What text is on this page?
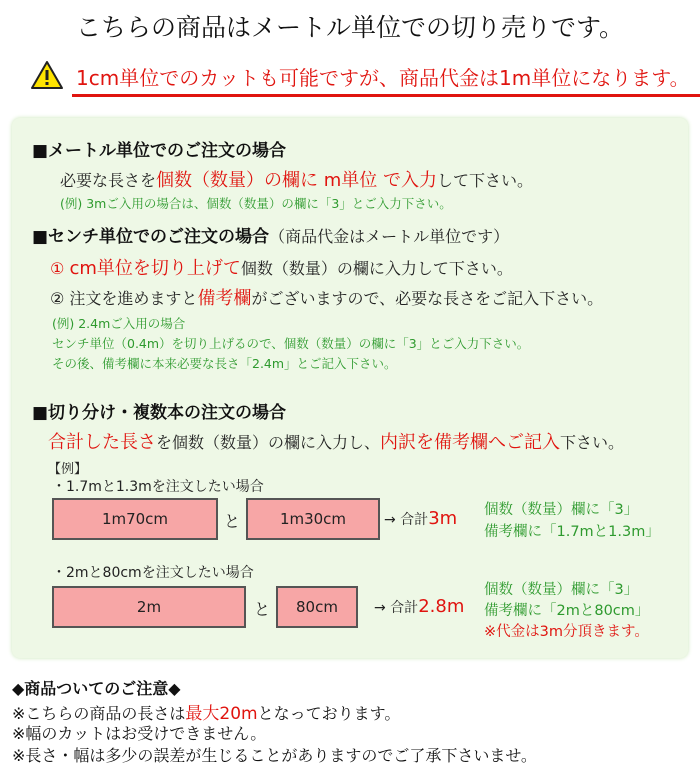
こちらの商品はメートル単位での切り売りです。
1cm単位でのカットも可能ですが、商品代金は1m単位になります。
■メートル単位でのご注文の場合
必要な長さを個数（数量）の欄に m単位 で入力して下さい。
(例) 3mご入用の場合は、個数（数量）の欄に「3」とご入力下さい。
■センチ単位でのご注文の場合（商品代金はメートル単位です）
① cm単位を切り上げて個数（数量）の欄に入力して下さい。
② 注文を進めますと備考欄がございますので、必要な長さをご記入下さい。
(例) 2.4mご入用の場合
センチ単位（0.4m）を切り上げるので、個数（数量）の欄に「3」とご入力下さい。
その後、備考欄に本来必要な長さ「2.4m」とご記入下さい。
■切り分け・複数本の注文の場合
合計した長さを個数（数量）の欄に入力し、内訳を備考欄へご記入下さい。
【例】
・1.7mと1.3mを注文したい場合
1m70cm	と	1m30cm	→ 合計3m 個数（数量）欄に「3」
備考欄に「1.7mと1.3m」
・2mと80cmを注文したい場合
2m	と	80cm	→ 合計2.8m
個数（数量）欄に「3」
備考欄に「2mと80cm」
※代金は3m分頂きます。
◆商品ついてのご注意◆
※こちらの商品の長さは最大20mとなっております。
※幅のカットはお受けできません。
※長さ・幅は多少の誤差が生じることがありますのでご了承下さいませ。
